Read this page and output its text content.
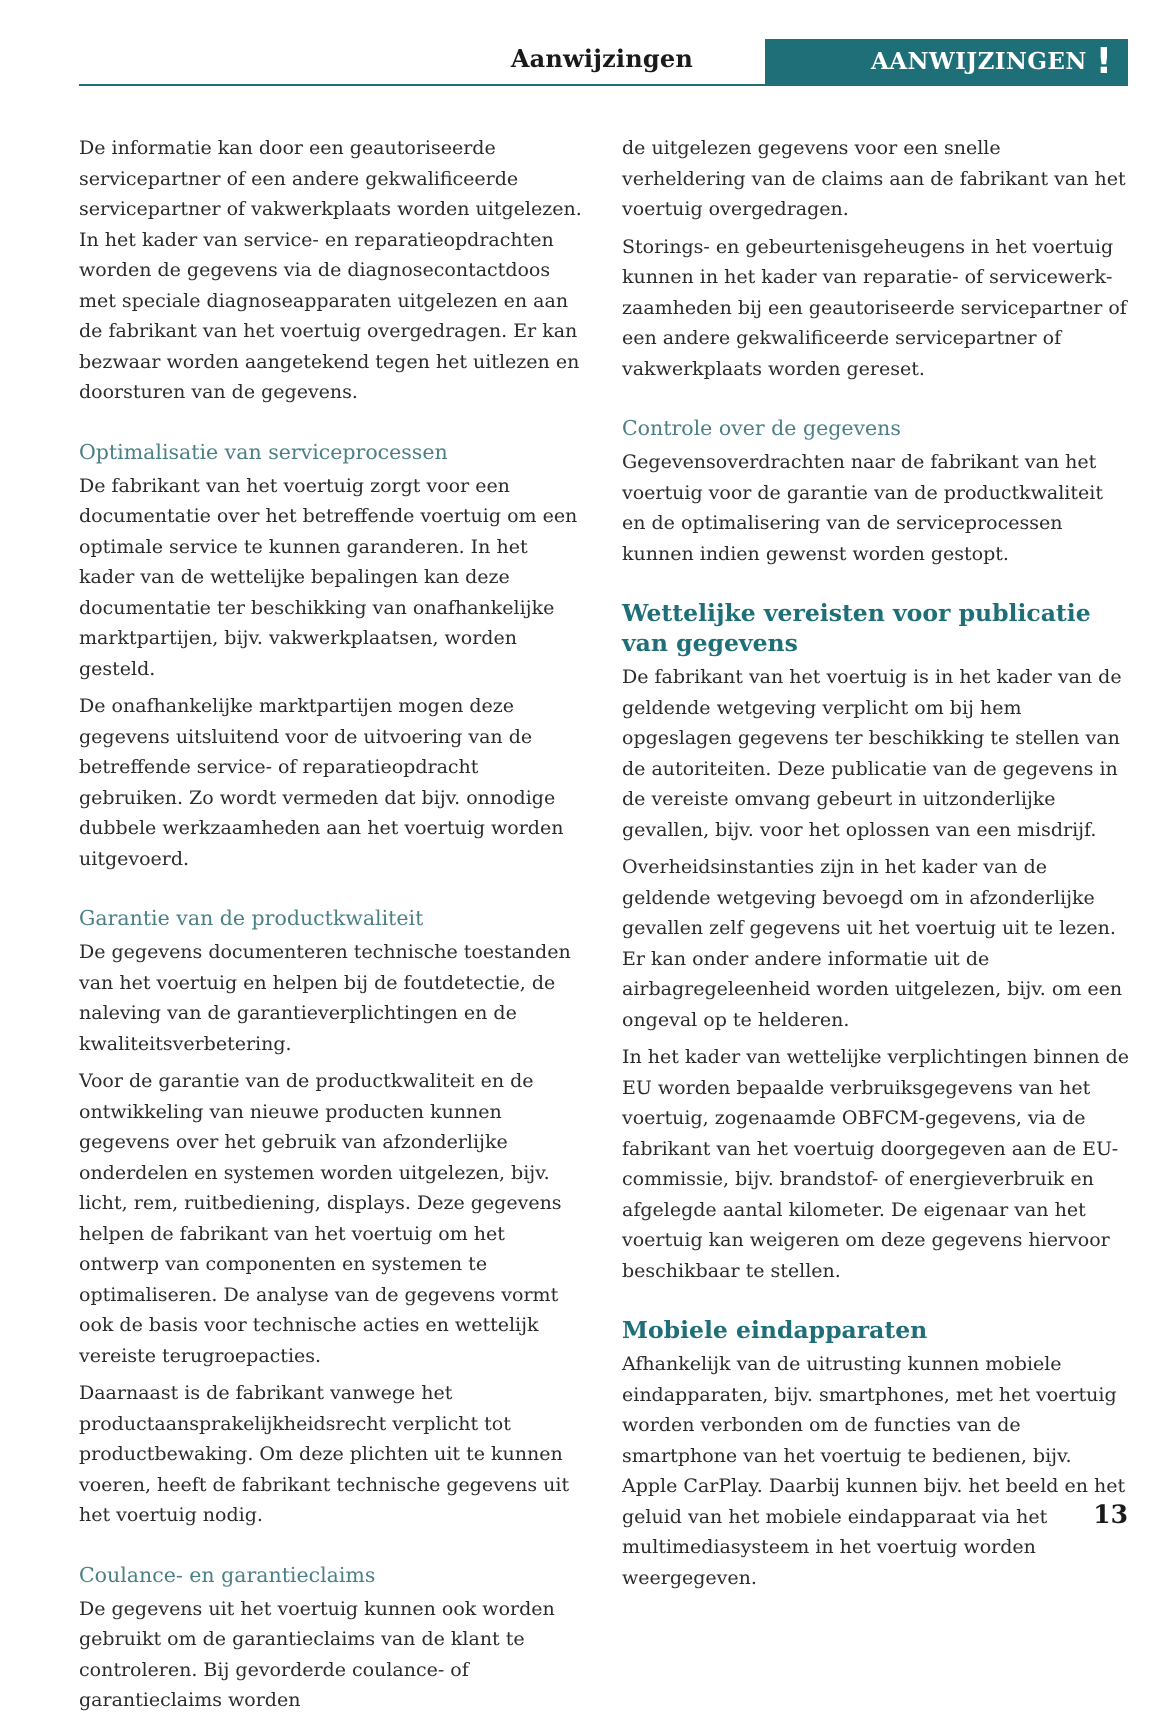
Aanwijzingen	AANWIJZINGEN !

De informatie kan door een geautoriseerde servicepartner of een andere gekwalificeerde servicepartner of vakwerkplaats worden uitgelezen. In het kader van service- en reparatieopdrachten worden de gegevens via de diagnosecontactdoos met speciale diagnoseapparaten uitgelezen en aan de fabrikant van het voertuig overgedragen. Er kan bezwaar worden aangetekend tegen het uitlezen en doorsturen van de gegevens.

Optimalisatie van serviceprocessen

De fabrikant van het voertuig zorgt voor een documentatie over het betreffende voertuig om een optimale service te kunnen garanderen. In het kader van de wettelijke bepalingen kan deze documentatie ter beschikking van onafhankelijke marktpartijen, bijv. vakwerkplaatsen, worden gesteld.

De onafhankelijke marktpartijen mogen deze gegevens uitsluitend voor de uitvoering van de betreffende service- of reparatieopdracht gebruiken. Zo wordt vermeden dat bijv. onnodige dubbele werkzaamheden aan het voertuig worden uitgevoerd.

Garantie van de productkwaliteit

De gegevens documenteren technische toestanden van het voertuig en helpen bij de foutdetectie, de naleving van de garantieverplichtingen en de kwaliteitsverbetering.

Voor de garantie van de productkwaliteit en de ontwikkeling van nieuwe producten kunnen gegevens over het gebruik van afzonderlijke onderdelen en systemen worden uitgelezen, bijv. licht, rem, ruitbediening, displays. Deze gegevens helpen de fabrikant van het voertuig om het ontwerp van componenten en systemen te optimaliseren. De analyse van de gegevens vormt ook de basis voor technische acties en wettelijk vereiste terugroepacties.

Daarnaast is de fabrikant vanwege het productaansprakelijkheidsrecht verplicht tot productbewaking. Om deze plichten uit te kunnen voeren, heeft de fabrikant technische gegevens uit het voertuig nodig.

Coulance- en garantieclaims

De gegevens uit het voertuig kunnen ook worden gebruikt om de garantieclaims van de klant te controleren. Bij gevorderde coulance- of garantieclaims worden

de uitgelezen gegevens voor een snelle verheldering van de claims aan de fabrikant van het voertuig overgedragen.

Storings- en gebeurtenisgeheugens in het voertuig kunnen in het kader van reparatie- of servicewerkzaamheden bij een geautoriseerde servicepartner of een andere gekwalificeerde servicepartner of vakwerkplaats worden gereset.

Controle over de gegevens

Gegevensoverdrachten naar de fabrikant van het voertuig voor de garantie van de productkwaliteit en de optimalisering van de serviceprocessen kunnen indien gewenst worden gestopt.

Wettelijke vereisten voor publicatie van gegevens

De fabrikant van het voertuig is in het kader van de geldende wetgeving verplicht om bij hem opgeslagen gegevens ter beschikking te stellen van de autoriteiten. Deze publicatie van de gegevens in de vereiste omvang gebeurt in uitzonderlijke gevallen, bijv. voor het oplossen van een misdrijf.

Overheidsinstanties zijn in het kader van de geldende wetgeving bevoegd om in afzonderlijke gevallen zelf gegevens uit het voertuig uit te lezen. Er kan onder andere informatie uit de airbagregeleenheid worden uitgelezen, bijv. om een ongeval op te helderen.

In het kader van wettelijke verplichtingen binnen de EU worden bepaalde verbruiksgegevens van het voertuig, zogenaamde OBFCM-gegevens, via de fabrikant van het voertuig doorgegeven aan de EU-commissie, bijv. brandstof- of energieverbruik en afgelegde aantal kilometer. De eigenaar van het voertuig kan weigeren om deze gegevens hiervoor beschikbaar te stellen.

Mobiele eindapparaten

Afhankelijk van de uitrusting kunnen mobiele eindapparaten, bijv. smartphones, met het voertuig worden verbonden om de functies van de smartphone van het voertuig te bedienen, bijv. Apple CarPlay. Daarbij kunnen bijv. het beeld en het geluid van het mobiele eindapparaat via het multimediasysteem in het voertuig worden weergegeven.

13
